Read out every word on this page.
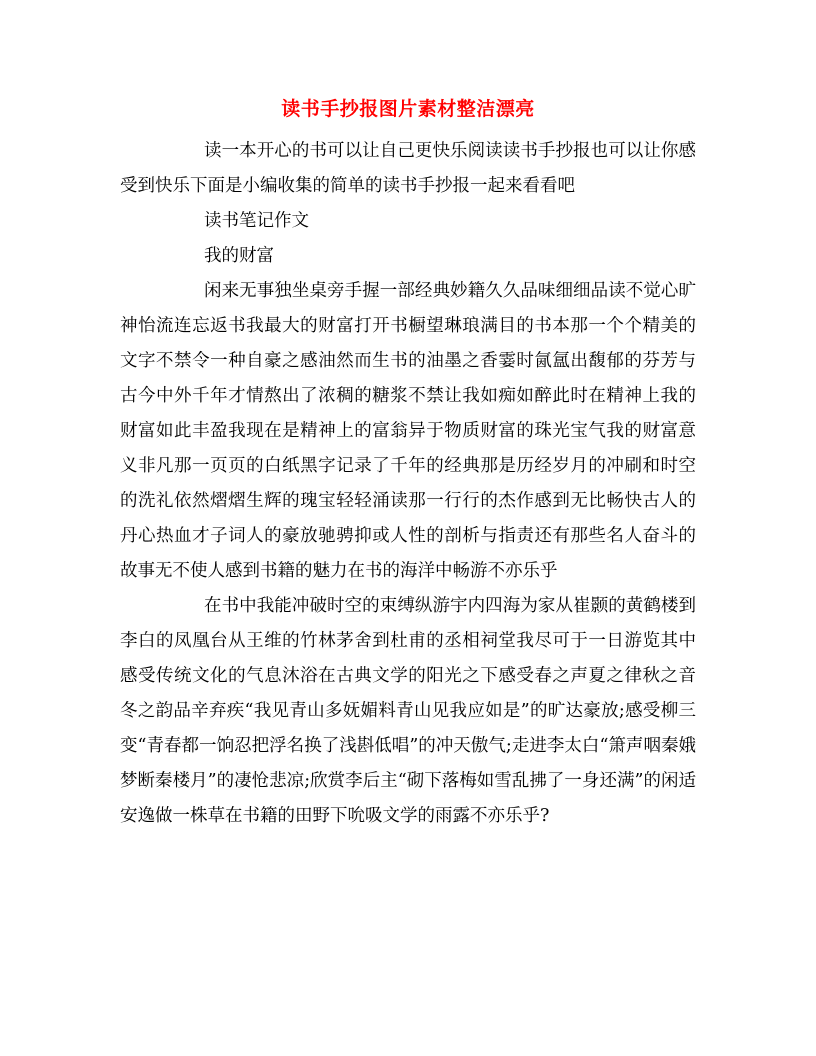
读书手抄报图片素材整洁漂亮

读一本开心的书可以让自己更快乐阅读读书手抄报也可以让你感受到快乐下面是小编收集的简单的读书手抄报一起来看看吧

读书笔记作文

我的财富

闲来无事独坐桌旁手握一部经典妙籍久久品味细细品读不觉心旷神怡流连忘返书我最大的财富打开书橱望琳琅满目的书本那一个个精美的文字不禁令一种自豪之感油然而生书的油墨之香霎时氤氲出馥郁的芬芳与古今中外千年才情熬出了浓稠的糖浆不禁让我如痴如醉此时在精神上我的财富如此丰盈我现在是精神上的富翁异于物质财富的珠光宝气我的财富意义非凡那一页页的白纸黑字记录了千年的经典那是历经岁月的冲刷和时空的洗礼依然熠熠生辉的瑰宝轻轻涌读那一行行的杰作感到无比畅快古人的丹心热血才子词人的豪放驰骋抑或人性的剖析与指责还有那些名人奋斗的故事无不使人感到书籍的魅力在书的海洋中畅游不亦乐乎

在书中我能冲破时空的束缚纵游宇内四海为家从崔颢的黄鹤楼到李白的凤凰台从王维的竹林茅舍到杜甫的丞相祠堂我尽可于一日游览其中感受传统文化的气息沐浴在古典文学的阳光之下感受春之声夏之律秋之音冬之韵品辛弃疾“我见青山多妩媚料青山见我应如是”的旷达豪放;感受柳三变“青春都一饷忍把浮名换了浅斟低唱”的冲天傲气;走进李太白“箫声咽秦娥梦断秦楼月”的凄怆悲凉;欣赏李后主“砌下落梅如雪乱拂了一身还满”的闲适安逸做一株草在书籍的田野下吮吸文学的雨露不亦乐乎?
